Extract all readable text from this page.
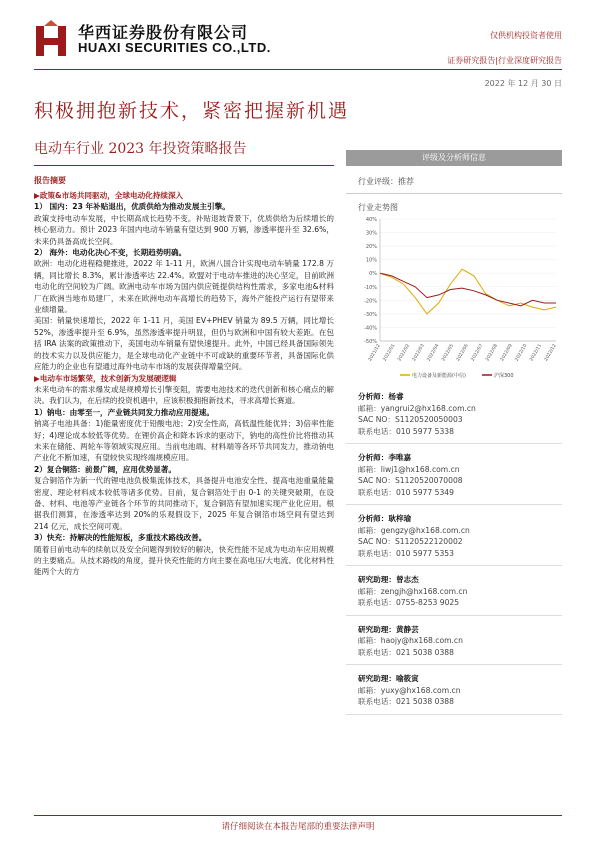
华西证券股份有限公司
HUAXI SECURITIES CO.,LTD.
仅供机构投资者使用
证券研究报告|行业深度研究报告
2022 年 12 月 30 日
积极拥抱新技术，紧密把握新机遇
电动车行业 2023 年投资策略报告
报告摘要
▶政策&市场共同驱动，全球电动化持续深入
1） 国内：23 年补贴退出，优质供给为推动发展主引擎。
政策支持电动车发展，中长期高成长趋势不变。补贴退坡背景下，优质供给为后续增长的核心驱动力。预计 2023 年国内电动车销量有望达到 900 万辆，渗透率提升至 32.6%，未来仍具备高成长空间。
2） 海外：电动化决心不变，长期趋势明确。
欧洲：电动化进程稳健推进，2022 年 1-11 月，欧洲八国合计实现电动车销量 172.8 万辆，同比增长 8.3%，累计渗透率达 22.4%。欧盟对于电动车推进的决心坚定，目前欧洲电动化的空间较为广阔。欧洲电动车市场为国内供应链提供结构性需求，多家电池&材料厂在欧洲当地布局建厂，未来在欧洲电动车高增长的趋势下，海外产能投产运行有望带来业绩增量。
美国：销量快速增长，2022 年 1-11 月，美国 EV+PHEV 销量为 89.5 万辆，同比增长 52%，渗透率提升至 6.9%，虽然渗透率提升明显，但仍与欧洲和中国有较大差距。在包括 IRA 法案的政策推动下，美国电动车销量有望快速提升。此外，中国已经具备国际领先的技术实力以及供应能力，是全球电动化产业链中不可或缺的重要环节者，具备国际化供应能力的企业也有望通过海外电动车市场的发展获得增量空间。
▶电动车市场繁荣，技术创新为发展硬逻辑
未来电动车的需求爆发或是规模增长引擎变阻，需要电池技术的迭代创新和核心痛点的解决。我们认为，在后续的投资机遇中，应该积极拥抱新技术，寻求高增长赛道。
1）钠电：由零至一，产业链共同发力推动应用提速。
钠离子电池具备：1)能量密度优于铅酸电池；2)安全性高，高低温性能优异；3)倍率性能好；4)理论成本较低等优势。在锂价高企和降本诉求的驱动下，钠电的高性价比将推动其未来在储能、两轮车等领域实现应用。当前电池端、材料端等各环节共同发力，推动钠电产业化不断加速，有望较快实现终端规模应用。
2）复合铜箔：前景广阔，应用优势显著。
复合铜箔作为新一代的锂电池负极集流体技术，具备提升电池安全性、提高电池重量能量密度、理论材料成本较低等诸多优势。目前，复合铜箔处于由 0-1 的关键突破期，在设备、材料、电池等产业链各个环节的共同推动下，复合铜箔有望加速实现产业化应用。根据我们测算，在渗透率达到 20%的乐观假设下，2025 年复合铜箔市场空间有望达到 214 亿元，成长空间可观。
3）快充：持解决的性能短板，多重技术路线改善。
随着目前电动车的续航以及安全问题得到较好的解决，快充性能不足成为电动车应用规模的主要痛点。从技术路线的角度，提升快充性能的方向主要在高电压/大电流、优化材料性能两个大的方
评级及分析师信息
行业评级：推荐
行业走势图
40%
30%
20%
10%
0%
-10%
-20%
-30%
-40%
-50%
2021/12 2022/01 2022/02 2022/03 2022/04 2022/05 2022/06 2022/07 2022/08 2022/09 2022/10 2022/11 2022/12
电力设备及新能源(中信)	沪深300
分析师：杨睿
邮箱：yangrui2@hx168.com.cn
SAC NO：S1120520050003
联系电话：010 5977 5338
分析师：李唯嘉
邮箱：liwj1@hx168.com.cn
SAC NO：S1120520070008
联系电话：010 5977 5349
分析师：耿梓瑜
邮箱：gengzy@hx168.com.cn
SAC NO：S1120522120002
联系电话：010 5977 5353
研究助理：曾志杰
邮箱：zengjh@hx168.com.cn
联系电话：0755-8253 9025
研究助理：黄静芸
邮箱：haojy@hx168.com.cn
联系电话：021 5038 0388
研究助理：喻筱寅
邮箱：yuxy@hx168.com.cn
联系电话：021 5038 0388
请仔细阅读在本报告尾部的重要法律声明
